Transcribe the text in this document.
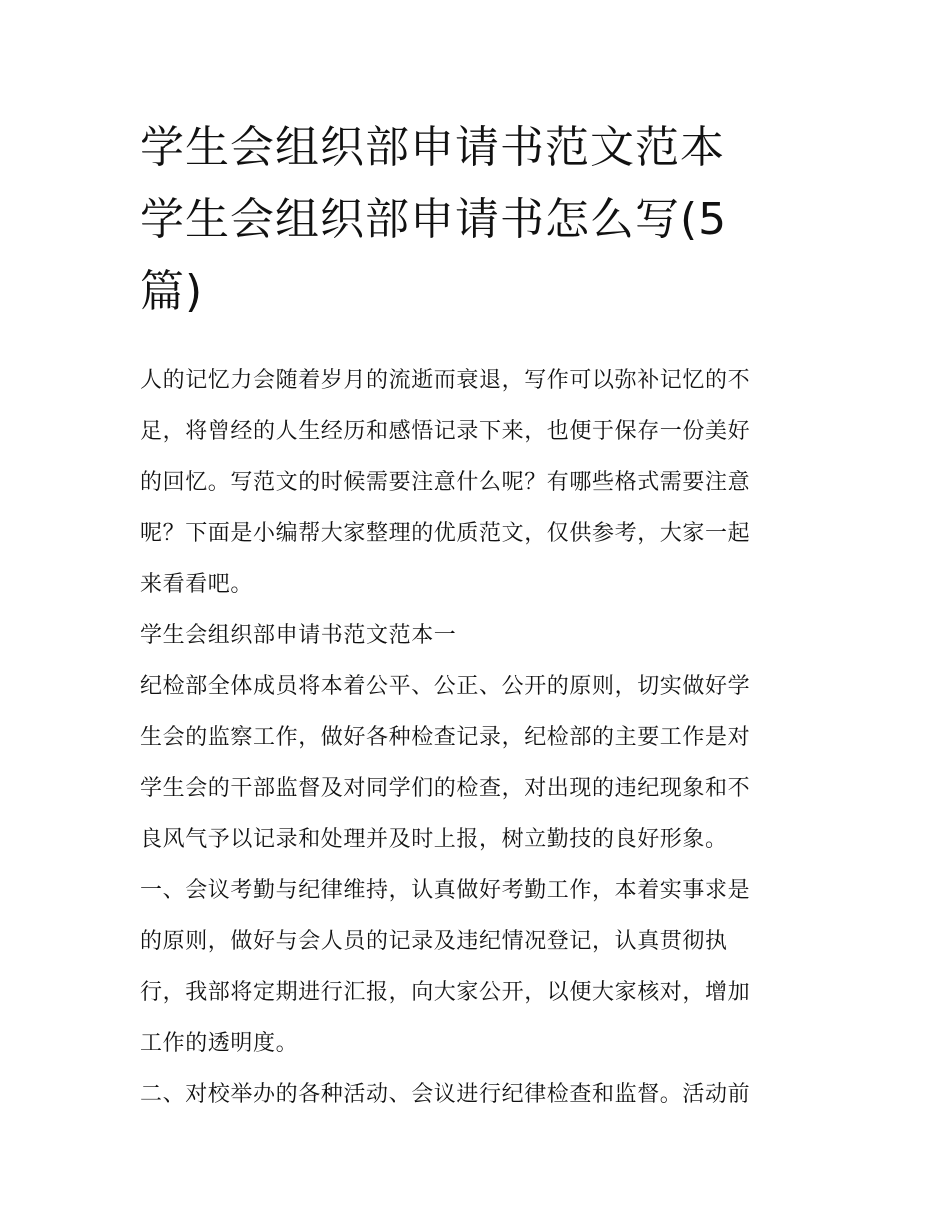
学生会组织部申请书范文范本
学生会组织部申请书怎么写(5
篇)
人的记忆力会随着岁月的流逝而衰退，写作可以弥补记忆的不
足，将曾经的人生经历和感悟记录下来，也便于保存一份美好
的回忆。写范文的时候需要注意什么呢？有哪些格式需要注意
呢？下面是小编帮大家整理的优质范文，仅供参考，大家一起
来看看吧。
学生会组织部申请书范文范本一
纪检部全体成员将本着公平、公正、公开的原则，切实做好学
生会的监察工作，做好各种检查记录，纪检部的主要工作是对
学生会的干部监督及对同学们的检查，对出现的违纪现象和不
良风气予以记录和处理并及时上报，树立勤技的良好形象。
一、会议考勤与纪律维持，认真做好考勤工作，本着实事求是
的原则，做好与会人员的记录及违纪情况登记，认真贯彻执
行，我部将定期进行汇报，向大家公开，以便大家核对，增加
工作的透明度。
二、对校举办的各种活动、会议进行纪律检查和监督。活动前
